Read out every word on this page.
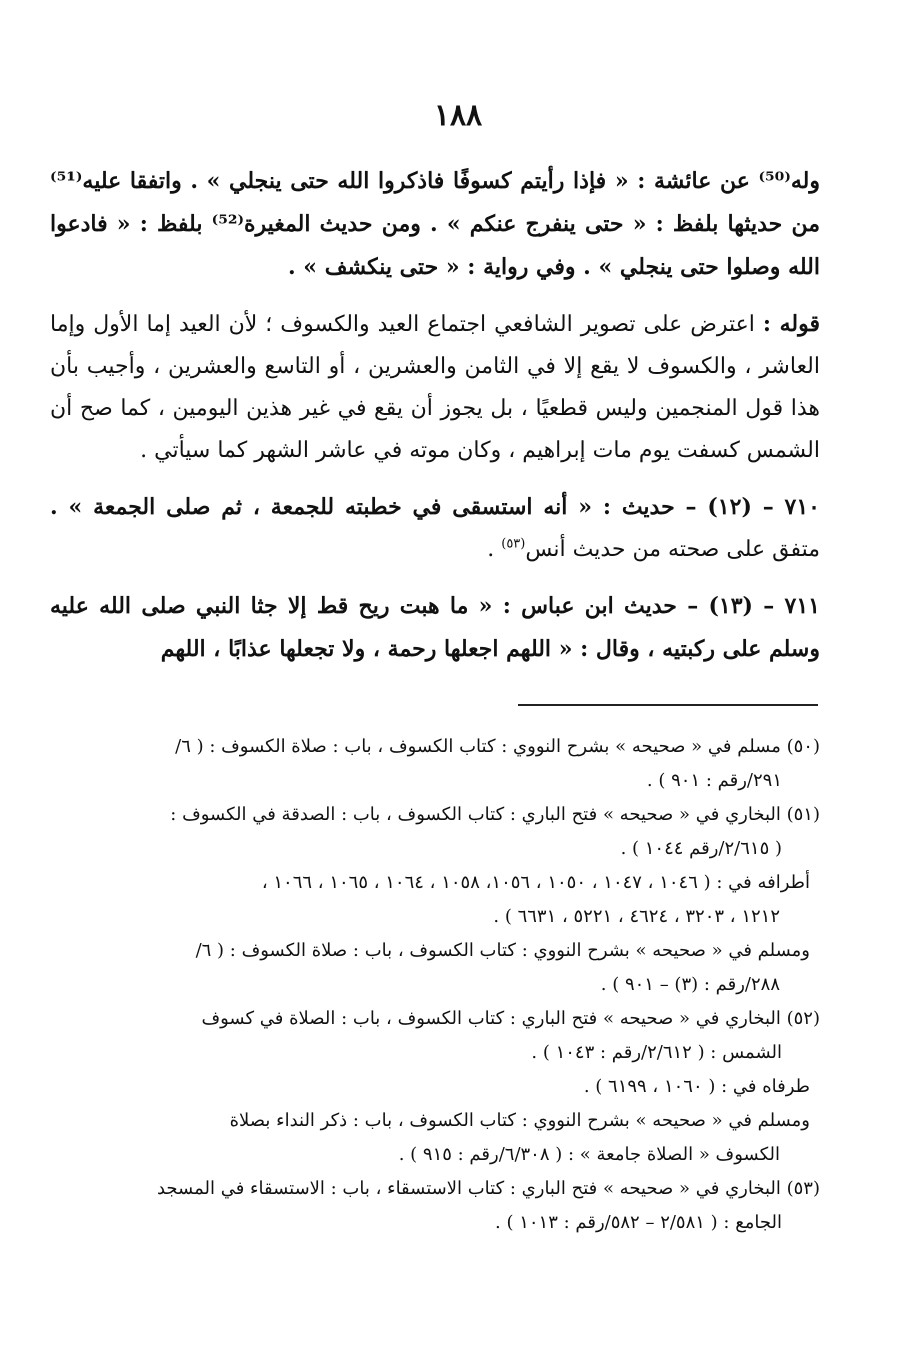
١٨٨

وله⁽⁵⁰⁾ عن عائشة : « فإذا رأيتم كسوفًا فاذكروا الله حتى ينجلي » . واتفقا عليه⁽⁵¹⁾ من حديثها بلفظ : « حتى ينفرج عنكم » . ومن حديث المغيرة⁽⁵²⁾ بلفظ : « فادعوا الله وصلوا حتى ينجلي » . وفي رواية : « حتى ينكشف » .

قوله : اعترض على تصوير الشافعي اجتماع العيد والكسوف ؛ لأن العيد إما الأول وإما العاشر ، والكسوف لا يقع إلا في الثامن والعشرين ، أو التاسع والعشرين ، وأجيب بأن هذا قول المنجمين وليس قطعيًا ، بل يجوز أن يقع في غير هذين اليومين ، كما صح أن الشمس كسفت يوم مات إبراهيم ، وكان موته في عاشر الشهر كما سيأتي .

٧١٠ – (١٢) – حديث : « أنه استسقى في خطبته للجمعة ، ثم صلى الجمعة » . متفق على صحته من حديث أنس$^{(٥٣)}$ .

٧١١ – (١٣) – حديث ابن عباس : « ما هبت ريح قط إلا جثا النبي صلى الله عليه وسلم على ركبتيه ، وقال : « اللهم اجعلها رحمة ، ولا تجعلها عذابًا ، اللهم

(٥٠) مسلم في « صحيحه » بشرح النووي : كتاب الكسوف ، باب : صلاة الكسوف : ( ٦/
٢٩١/رقم : ٩٠١ ) .
(٥١) البخاري في « صحيحه » فتح الباري : كتاب الكسوف ، باب : الصدقة في الكسوف :
( ٢/٦١٥/رقم ١٠٤٤ ) .
أطرافه في : ( ١٠٤٦ ، ١٠٤٧ ، ١٠٥٠ ، ١٠٥٦، ١٠٥٨ ، ١٠٦٤ ، ١٠٦٥ ، ١٠٦٦ ،
١٢١٢ ، ٣٢٠٣ ، ٤٦٢٤ ، ٥٢٢١ ، ٦٦٣١ ) .
ومسلم في « صحيحه » بشرح النووي : كتاب الكسوف ، باب : صلاة الكسوف : ( ٦/
٢٨٨/رقم : (٣) – ٩٠١ ) .
(٥٢) البخاري في « صحيحه » فتح الباري : كتاب الكسوف ، باب : الصلاة في كسوف
الشمس : ( ٢/٦١٢/رقم : ١٠٤٣ ) .
طرفاه في : ( ١٠٦٠ ، ٦١٩٩ ) .
ومسلم في « صحيحه » بشرح النووي : كتاب الكسوف ، باب : ذكر النداء بصلاة
الكسوف « الصلاة جامعة » : ( ٦/٣٠٨/رقم : ٩١٥ ) .
(٥٣) البخاري في « صحيحه » فتح الباري : كتاب الاستسقاء ، باب : الاستسقاء في المسجد
الجامع : ( ٢/٥٨١ – ٥٨٢/رقم : ١٠١٣ ) .
